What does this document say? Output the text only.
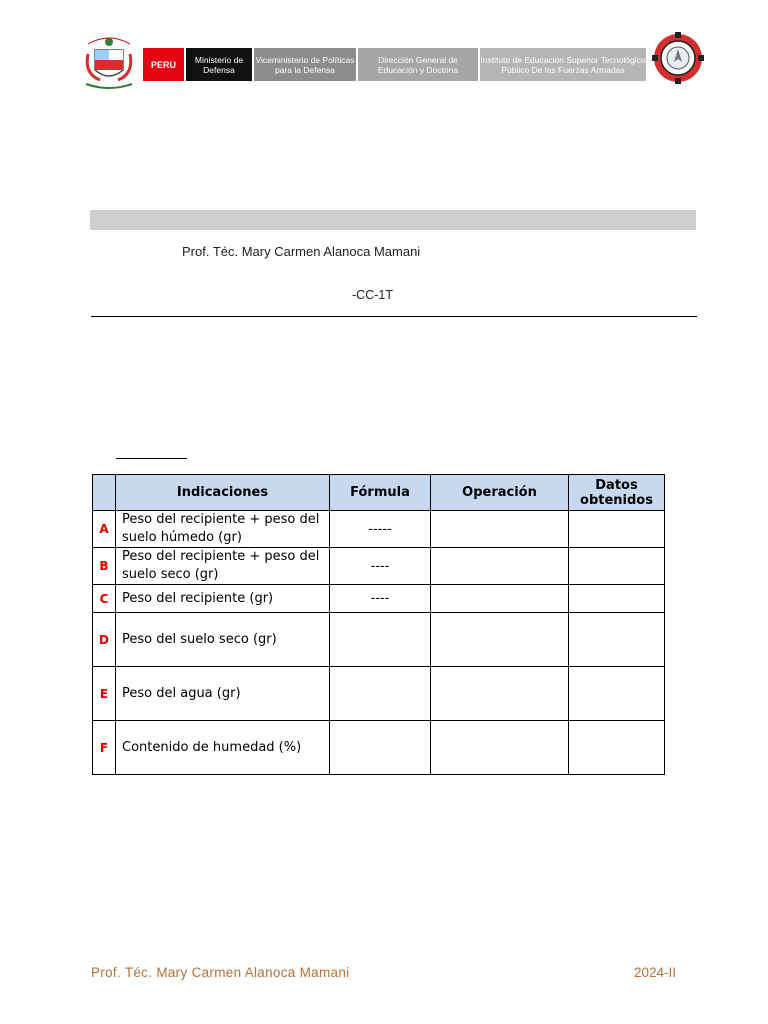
PERU	Ministerio de Defensa
Viceministerio de Políticas para la Defensa
Dirección General de Educación y Doctrina
Instituto de Educación Superior Tecnológico Público De las Fuerzas Armadas
Prof. Téc. Mary Carmen Alanoca Mamani
-CC-1T
	Indicaciones	Fórmula	Operación	Datos obtenidos
A	Peso del recipiente + peso del suelo húmedo (gr)	-----		
B	Peso del recipiente + peso del suelo seco (gr)	----		
C	Peso del recipiente (gr)	----		
D	Peso del suelo seco (gr)			
E	Peso del agua (gr)			
F	Contenido de humedad (%)			
Prof. Téc. Mary Carmen Alanoca Mamani	2024-II
